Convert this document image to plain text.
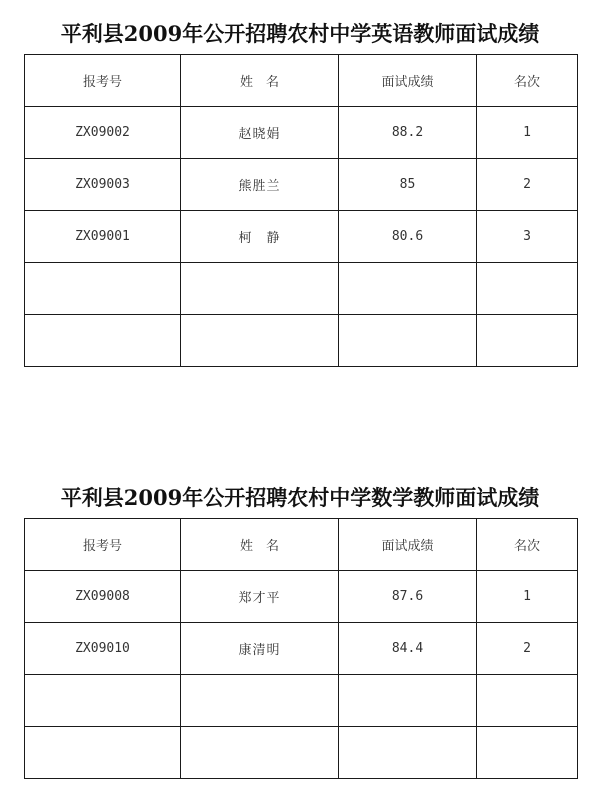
平利县2009年公开招聘农村中学英语教师面试成绩
报考号	姓　名	面试成绩	名次
ZX09002	赵晓娟	88.2	1
ZX09003	熊胜兰	85	2
ZX09001	柯　静	80.6	3

平利县2009年公开招聘农村中学数学教师面试成绩
报考号	姓　名	面试成绩	名次
ZX09008	郑才平	87.6	1
ZX09010	康清明	84.4	2
